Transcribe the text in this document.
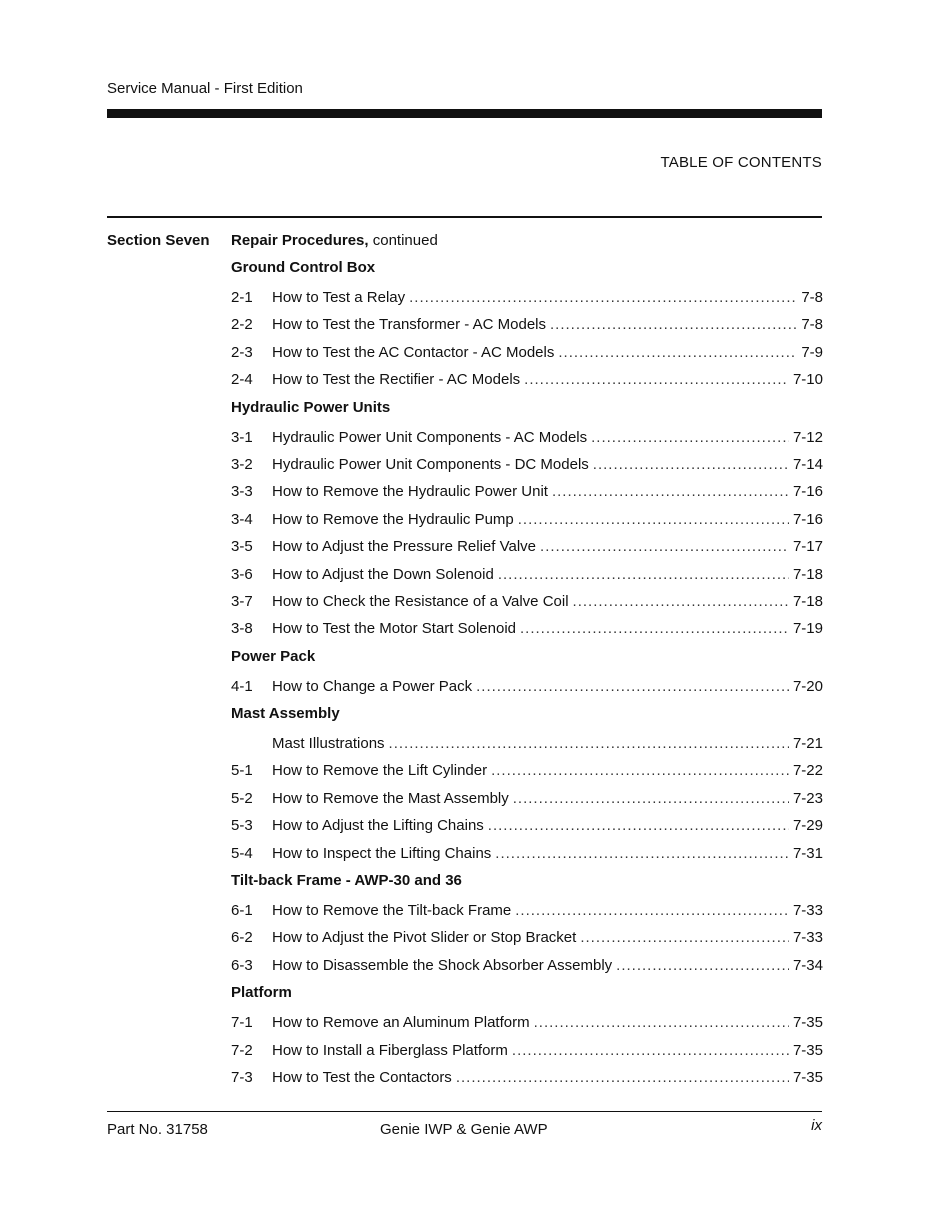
Service Manual - First Edition
TABLE OF CONTENTS
Section Seven Repair Procedures, continued
Ground Control Box
2-1	How to Test a Relay .....	7-8
2-2	How to Test the Transformer - AC Models .....	7-8
2-3	How to Test the AC Contactor - AC Models .....	7-9
2-4	How to Test the Rectifier - AC Models .....	7-10
Hydraulic Power Units
3-1	Hydraulic Power Unit Components - AC Models .....	7-12
3-2	Hydraulic Power Unit Components - DC Models .....	7-14
3-3	How to Remove the Hydraulic Power Unit .....	7-16
3-4	How to Remove the Hydraulic Pump .....	7-16
3-5	How to Adjust the Pressure Relief Valve .....	7-17
3-6	How to Adjust the Down Solenoid .....	7-18
3-7	How to Check the Resistance of a Valve Coil .....	7-18
3-8	How to Test the Motor Start Solenoid .....	7-19
Power Pack
4-1	How to Change a Power Pack .....	7-20
Mast Assembly
Mast Illustrations .....	7-21
5-1	How to Remove the Lift Cylinder .....	7-22
5-2	How to Remove the Mast Assembly .....	7-23
5-3	How to Adjust the Lifting Chains .....	7-29
5-4	How to Inspect the Lifting Chains .....	7-31
Tilt-back Frame - AWP-30 and 36
6-1	How to Remove the Tilt-back Frame .....	7-33
6-2	How to Adjust the Pivot Slider or Stop Bracket .....	7-33
6-3	How to Disassemble the Shock Absorber Assembly .....	7-34
Platform
7-1	How to Remove an Aluminum Platform .....	7-35
7-2	How to Install a Fiberglass Platform .....	7-35
7-3	How to Test the Contactors .....	7-35
Part No. 31758	Genie IWP & Genie AWP	ix
